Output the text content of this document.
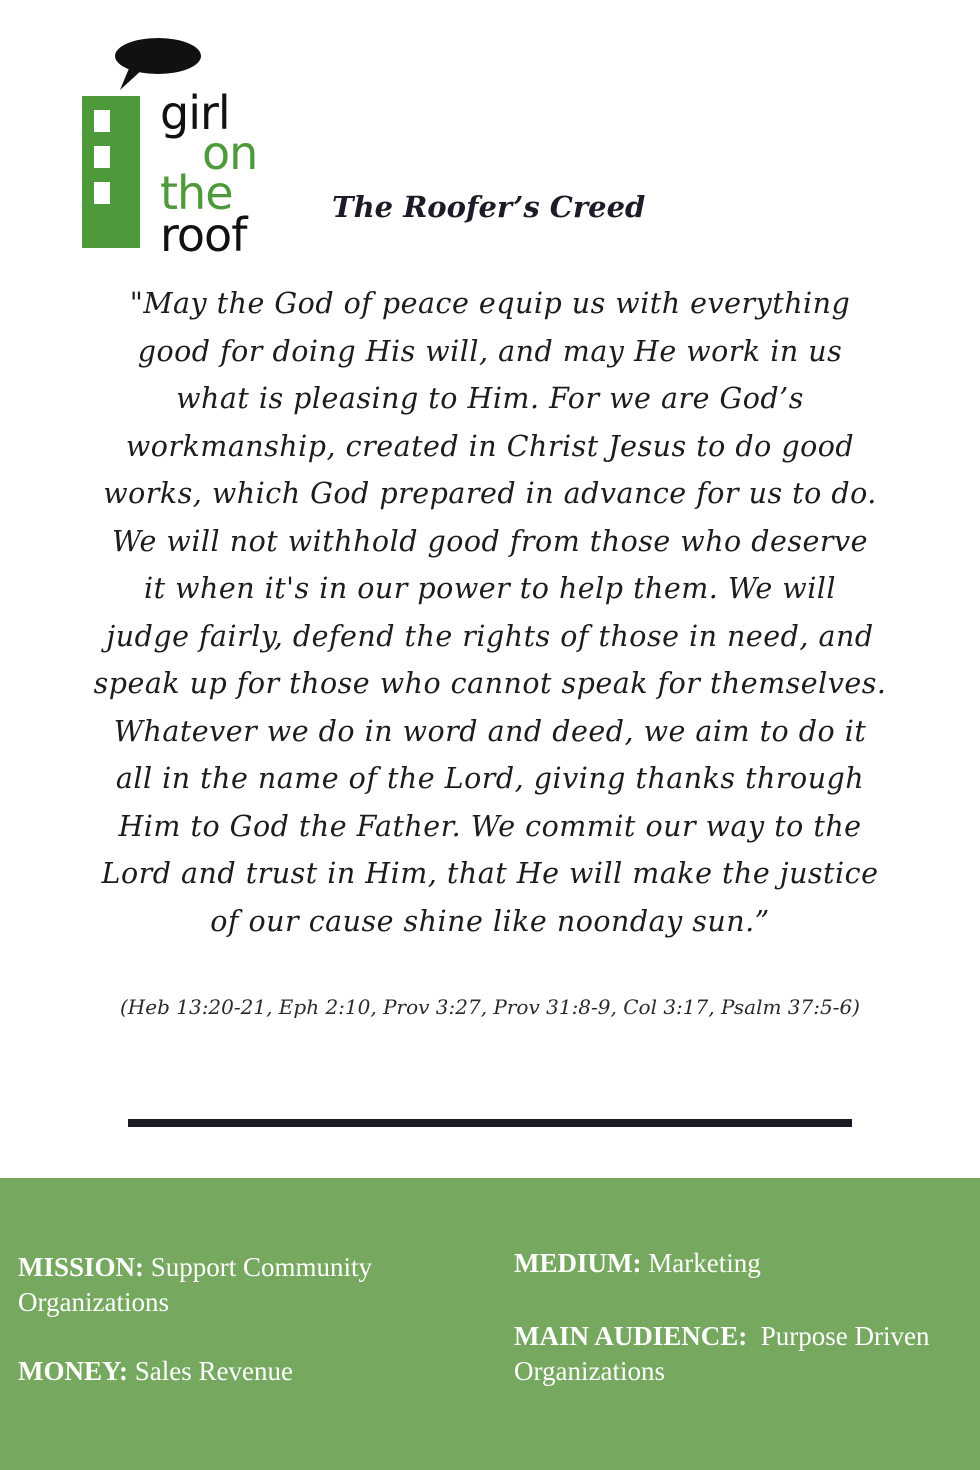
girl
on
the
roof
The Roofer’s Creed
"May the God of peace equip us with everything
good for doing His will, and may He work in us
what is pleasing to Him. For we are God’s
workmanship, created in Christ Jesus to do good
works, which God prepared in advance for us to do.
We will not withhold good from those who deserve
it when it's in our power to help them. We will
judge fairly, defend the rights of those in need, and
speak up for those who cannot speak for themselves.
Whatever we do in word and deed, we aim to do it
all in the name of the Lord, giving thanks through
Him to God the Father. We commit our way to the
Lord and trust in Him, that He will make the justice
of our cause shine like noonday sun.”

(Heb 13:20-21, Eph 2:10, Prov 3:27, Prov 31:8-9, Col 3:17, Psalm 37:5-6)

MISSION: Support Community Organizations

MONEY: Sales Revenue

MEDIUM: Marketing

MAIN AUDIENCE:  Purpose Driven Organizations
